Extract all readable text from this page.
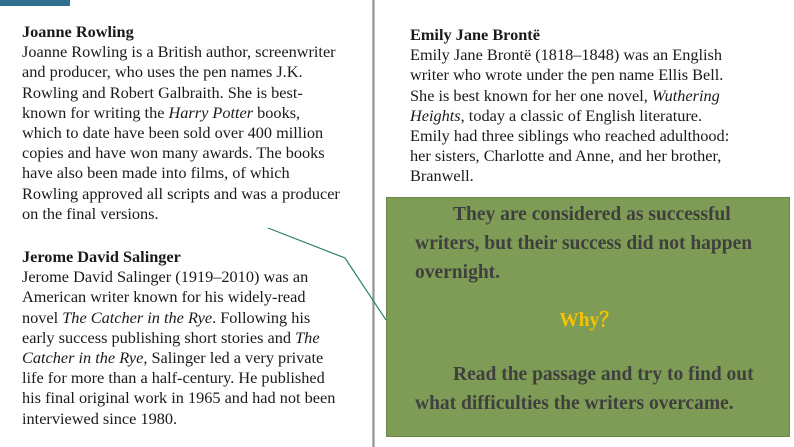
Joanne Rowling
Joanne Rowling is a British author, screenwriter
and producer, who uses the pen names J.K.
Rowling and Robert Galbraith. She is best-
known for writing the Harry Potter books,
which to date have been sold over 400 million
copies and have won many awards. The books
have also been made into films, of which
Rowling approved all scripts and was a producer
on the final versions.
Jerome David Salinger
Jerome David Salinger (1919–2010) was an
American writer known for his widely-read
novel The Catcher in the Rye. Following his
early success publishing short stories and The
Catcher in the Rye, Salinger led a very private
life for more than a half-century. He published
his final original work in 1965 and had not been
interviewed since 1980.
Emily Jane Brontë
Emily Jane Brontë (1818–1848) was an English
writer who wrote under the pen name Ellis Bell.
She is best known for her one novel, Wuthering
Heights, today a classic of English literature.
Emily had three siblings who reached adulthood:
her sisters, Charlotte and Anne, and her brother,
Branwell.
They are considered as successful writers, but their success did not happen overnight.
Why？
Read the passage and try to find out what difficulties the writers overcame.
